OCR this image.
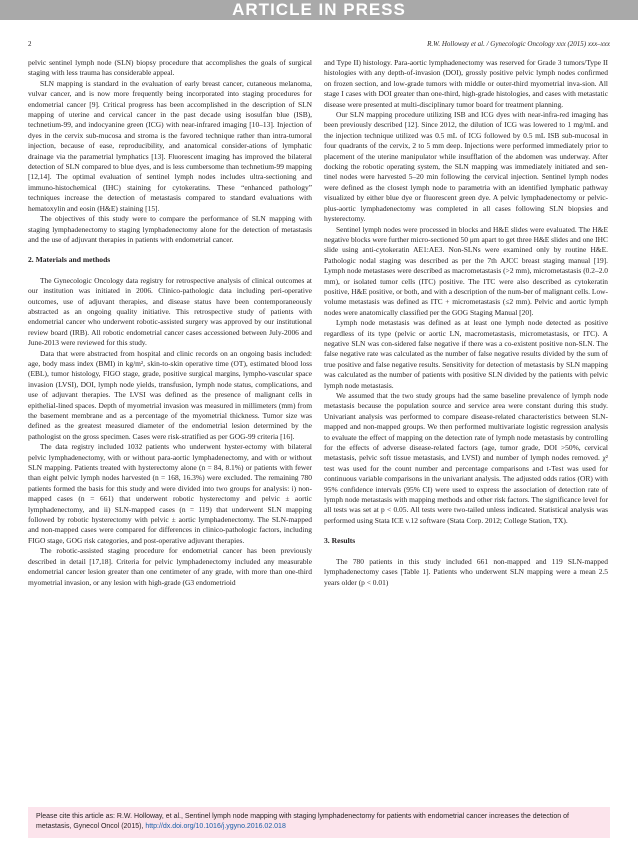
ARTICLE IN PRESS
2	R.W. Holloway et al. / Gynecologic Oncology xxx (2015) xxx–xxx

pelvic sentinel lymph node (SLN) biopsy procedure that accomplishes the goals of surgical staging with less trauma has considerable appeal.

SLN mapping is standard in the evaluation of early breast cancer, cutaneous melanoma, vulvar cancer, and is now more frequently being incorporated into staging procedures for endometrial cancer [9]. Critical progress has been accomplished in the description of SLN mapping of uterine and cervical cancer in the past decade using isosulfan blue (ISB), technetium-99, and indocyanine green (ICG) with near-infrared imaging [10–13]. Injection of dyes in the cervix sub-mucosa and stroma is the favored technique rather than intra-tumoral injection, because of ease, reproducibility, and anatomical consider-ations of lymphatic drainage via the parametrial lymphatics [13]. Fluorescent imaging has improved the bilateral detection of SLN compared to blue dyes, and is less cumbersome than technetium-99 mapping [12,14]. The optimal evaluation of sentinel lymph nodes includes ultra-sectioning and immuno-histochemical (IHC) staining for cytokeratins. These “enhanced pathology” techniques increase the detection of metastasis compared to standard evaluations with hematoxylin and eosin (H&E) staining [15].

The objectives of this study were to compare the performance of SLN mapping with staging lymphadenectomy to staging lymphadenectomy alone for the detection of metastasis and the use of adjuvant therapies in patients with endometrial cancer.

2. Materials and methods

The Gynecologic Oncology data registry for retrospective analysis of clinical outcomes at our institution was initiated in 2006. Clinico-pathologic data including peri-operative outcomes, use of adjuvant therapies, and disease status have been contemporaneously abstracted as an ongoing quality initiative. This retrospective study of patients with endometrial cancer who underwent robotic-assisted surgery was approved by our institutional review board (IRB). All robotic endometrial cancer cases accessioned between July-2006 and June-2013 were reviewed for this study.

Data that were abstracted from hospital and clinic records on an ongoing basis included: age, body mass index (BMI) in kg/m², skin-to-skin operative time (OT), estimated blood loss (EBL), tumor histology, FIGO stage, grade, positive surgical margins, lympho-vascular space invasion (LVSI), DOI, lymph node yields, transfusion, lymph node status, complications, and use of adjuvant therapies. The LVSI was defined as the presence of malignant cells in epithelial-lined spaces. Depth of myometrial invasion was measured in millimeters (mm) from the basement membrane and as a percentage of the myometrial thickness. Tumor size was defined as the greatest measured diameter of the endometrial lesion determined by the pathologist on the gross specimen. Cases were risk-stratified as per GOG-99 criteria [16].

The data registry included 1032 patients who underwent hyster-ectomy with bilateral pelvic lymphadenectomy, with or without para-aortic lymphadenectomy, and with or without SLN mapping. Patients treated with hysterectomy alone (n = 84, 8.1%) or patients with fewer than eight pelvic lymph nodes harvested (n = 168, 16.3%) were excluded. The remaining 780 patients formed the basis for this study and were divided into two groups for analysis: i) non-mapped cases (n = 661) that underwent robotic hysterectomy and pelvic ± aortic lymphadenectomy, and ii) SLN-mapped cases (n = 119) that underwent SLN mapping followed by robotic hysterectomy with pelvic ± aortic lymphadenectomy. The SLN-mapped and non-mapped cases were compared for differences in clinico-pathologic factors, including FIGO stage, GOG risk categories, and post-operative adjuvant therapies.

The robotic-assisted staging procedure for endometrial cancer has been previously described in detail [17,18]. Criteria for pelvic lymphadenectomy included any measurable endometrial cancer lesion greater than one centimeter of any grade, with more than one-third myometrial invasion, or any lesion with high-grade (G3 endometrioid

and Type II) histology. Para-aortic lymphadenectomy was reserved for Grade 3 tumors/Type II histologies with any depth-of-invasion (DOI), grossly positive pelvic lymph nodes confirmed on frozen section, and low-grade tumors with middle or outer-third myometrial inva-sion. All stage I cases with DOI greater than one-third, high-grade histologies, and cases with metastatic disease were presented at multi-disciplinary tumor board for treatment planning.

Our SLN mapping procedure utilizing ISB and ICG dyes with near-infra-red imaging has been previously described [12]. Since 2012, the dilution of ICG was lowered to 1 mg/mL and the injection technique utilized was 0.5 mL of ICG followed by 0.5 mL ISB sub-mucosal in four quadrants of the cervix, 2 to 5 mm deep. Injections were performed immediately prior to placement of the uterine manipulator while insufflation of the abdomen was underway. After docking the robotic operating system, the SLN mapping was immediately initiated and sen-tinel nodes were harvested 5–20 min following the cervical injection. Sentinel lymph nodes were defined as the closest lymph node to parametria with an identified lymphatic pathway visualized by either blue dye or fluorescent green dye. A pelvic lymphadenectomy or pelvic-plus-aortic lymphadenectomy was completed in all cases following SLN biopsies and hysterectomy.

Sentinel lymph nodes were processed in blocks and H&E slides were evaluated. The H&E negative blocks were further micro-sectioned 50 μm apart to get three H&E slides and one IHC slide using anti-cytokeratin AE1:AE3. Non-SLNs were examined only by routine H&E. Pathologic nodal staging was described as per the 7th AJCC breast staging manual [19]. Lymph node metastases were described as macrometastasis (>2 mm), micrometastasis (0.2–2.0 mm), or isolated tumor cells (ITC) positive. The ITC were also described as cytokeratin positive, H&E positive, or both, and with a description of the num-ber of malignant cells. Low-volume metastasis was defined as ITC + micrometastasis (≤2 mm). Pelvic and aortic lymph nodes were anatomically classified per the GOG Staging Manual [20].

Lymph node metastasis was defined as at least one lymph node detected as positive regardless of its type (pelvic or aortic LN, macrometastasis, micrometastasis, or ITC). A negative SLN was con-sidered false negative if there was a co-existent positive non-SLN. The false negative rate was calculated as the number of false negative results divided by the sum of true positive and false negative results. Sensitivity for detection of metastasis by SLN mapping was calculated as the number of patients with positive SLN divided by the patients with pelvic lymph node metastasis.

We assumed that the two study groups had the same baseline prevalence of lymph node metastasis because the population source and service area were constant during this study. Univariant analysis was performed to compare disease-related characteristics between SLN-mapped and non-mapped groups. We then performed multivariate logistic regression analysis to evaluate the effect of mapping on the detection rate of lymph node metastasis by controlling for the effects of adverse disease-related factors (age, tumor grade, DOI >50%, cervical metastasis, pelvic soft tissue metastasis, and LVSI) and number of lymph nodes removed. χ² test was used for the count number and percentage comparisons and t-Test was used for continuous variable comparisons in the univariant analysis. The adjusted odds ratios (OR) with 95% confidence intervals (95% CI) were used to express the association of detection rate of lymph node metastasis with mapping methods and other risk factors. The significance level for all tests was set at p < 0.05. All tests were two-tailed unless indicated. Statistical analysis was performed using Stata ICE v.12 software (Stata Corp. 2012; College Station, TX).

3. Results

The 780 patients in this study included 661 non-mapped and 119 SLN-mapped lymphadenectomy cases [Table 1]. Patients who underwent SLN mapping were a mean 2.5 years older (p < 0.01)

Please cite this article as: R.W. Holloway, et al., Sentinel lymph node mapping with staging lymphadenectomy for patients with endometrial cancer increases the detection of metastasis, Gynecol Oncol (2015), http://dx.doi.org/10.1016/j.ygyno.2016.02.018
